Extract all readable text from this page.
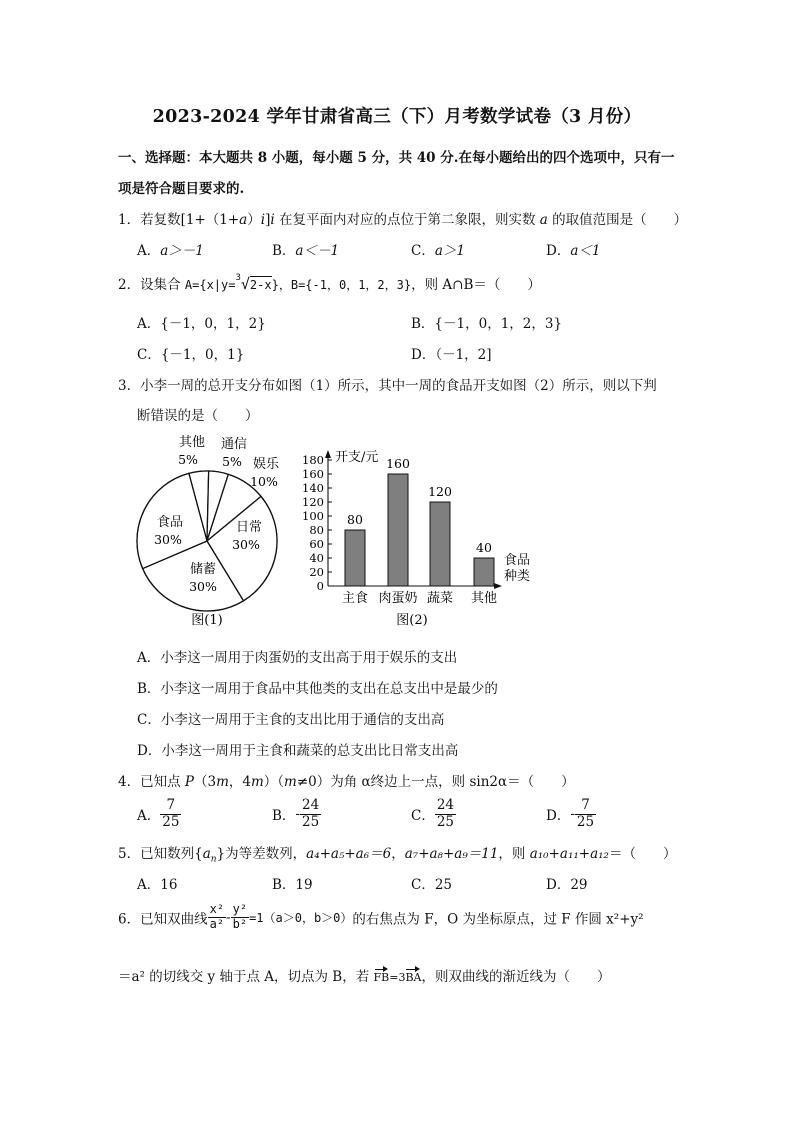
2023-2024 学年甘肃省高三（下）月考数学试卷（3 月份）
一、选择题：本大题共 8 小题，每小题 5 分，共 40 分.在每小题给出的四个选项中，只有一
项是符合题目要求的.
1．若复数[1+（1+a）i]i 在复平面内对应的点位于第二象限，则实数 a 的取值范围是（　　）
A．a＞－1	B．a＜－1	C．a＞1	D．a＜1
2．设集合 A={x|y=$^3$√2-x}，B={-1，0，1，2，3}，则 A∩B＝（　　）
A．{－1，0，1，2}	B．{－1，0，1，2，3}
C．{－1，0，1}	D．（－1，2]
3．小李一周的总开支分布如图（1）所示，其中一周的食品开支如图（2）所示，则以下判
断错误的是（　　）
其他
5%
通信
5% 娱乐
10%
日常
30%
储蓄
30%
食品
30%
图(1)
开支/元
食品
种类
0
20
40
60
80
100
120
140
160
180
80
主食
160
肉蛋奶
120
蔬菜
40
其他
图(2)
A．小李这一周用于肉蛋奶的支出高于用于娱乐的支出
B．小李这一周用于食品中其他类的支出在总支出中是最少的
C．小李这一周用于主食的支出比用于通信的支出高
D．小李这一周用于主食和蔬菜的总支出比日常支出高
4．已知点 P（3m，4m）（m≠0）为角 α终边上一点，则 sin2α＝（　　）
A． $\frac{7}{25}$	B．- $\frac{24}{25}$	C． $\frac{24}{25}$	D．- $\frac{7}{25}$
5．已知数列$\{a_n\}$为等差数列，a₄+a₅+a₆＝6，a₇+a₈+a₉＝11，则 a₁₀+a₁₁+a₁₂＝（　　）
A．16	B．19	C．25	D．29
6．已知双曲线 $\frac{\text{x²}}{\text{a²}} - \frac{\text{y²}}{\text{b²}} =1(a>0$，b＞0）的右焦点为 F，O 为坐标原点，过 F 作圆 x²+y²
＝a² 的切线交 y 轴于点 A，切点为 B，若 FB=3BA，则双曲线的渐近线为（　　）
